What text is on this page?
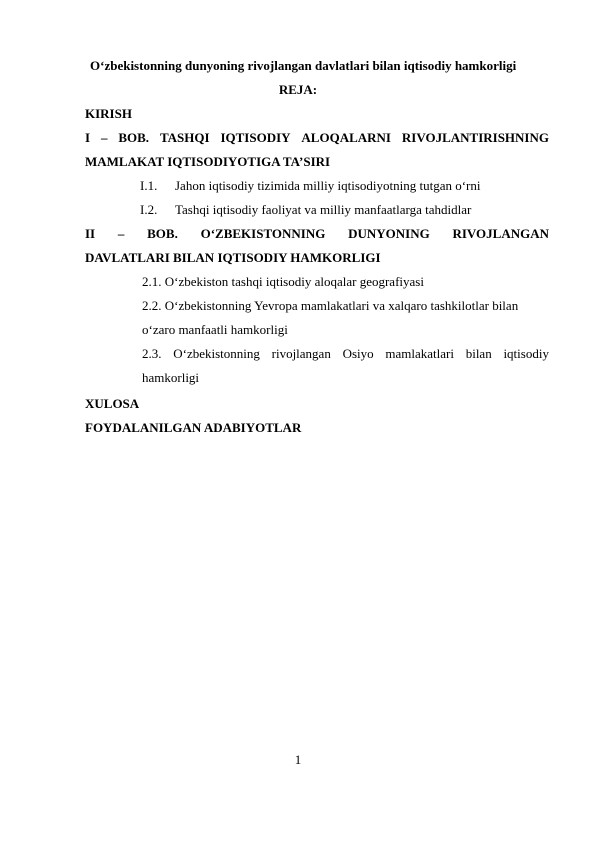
O‘zbekistonning dunyoning rivojlangan davlatlari bilan iqtisodiy hamkorligi
REJA:
KIRISH
I – BOB. TASHQI IQTISODIY ALOQALARNI RIVOJLANTIRISHNING
MAMLAKAT IQTISODIYOTIGA TA’SIRI
I.1. Jahon iqtisodiy tizimida milliy iqtisodiyotning tutgan o‘rni
I.2. Tashqi iqtisodiy faoliyat va milliy manfaatlarga tahdidlar
II – BOB. O‘ZBEKISTONNING DUNYONING RIVOJLANGAN
DAVLATLARI BILAN IQTISODIY HAMKORLIGI
2.1. O‘zbekiston tashqi iqtisodiy aloqalar geografiyasi
2.2. O‘zbekistonning Yevropa mamlakatlari va xalqaro tashkilotlar bilan
o‘zaro manfaatli hamkorligi
2.3. O‘zbekistonning rivojlangan Osiyo mamlakatlari bilan iqtisodiy
hamkorligi
XULOSA
FOYDALANILGAN ADABIYOTLAR
1
